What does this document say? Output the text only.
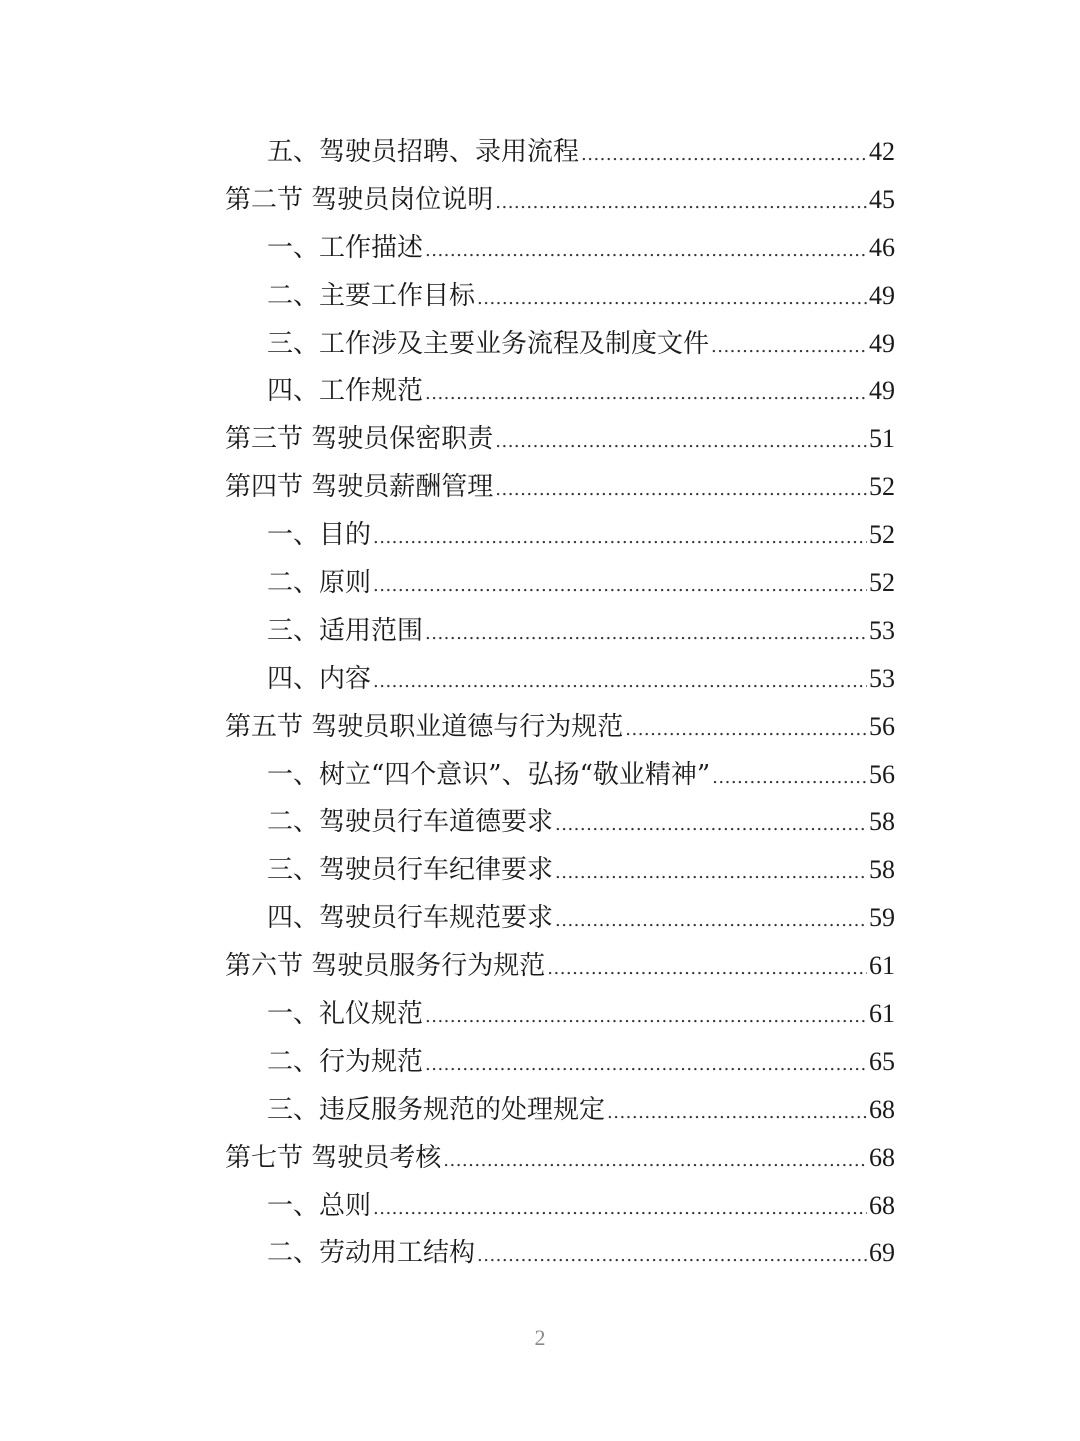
五、驾驶员招聘、录用流程 .....	42
第二节 驾驶员岗位说明 .....	45
一、工作描述 .....	46
二、主要工作目标 .....	49
三、工作涉及主要业务流程及制度文件 .....	49
四、工作规范 .....	49
第三节 驾驶员保密职责 .....	51
第四节 驾驶员薪酬管理 .....	52
一、目的 .....	52
二、原则 .....	52
三、适用范围 .....	53
四、内容 .....	53
第五节 驾驶员职业道德与行为规范 .....	56
一、树立“四个意识”、弘扬“敬业精神” .....	56
二、驾驶员行车道德要求 .....	58
三、驾驶员行车纪律要求 .....	58
四、驾驶员行车规范要求 .....	59
第六节 驾驶员服务行为规范 .....	61
一、礼仪规范 .....	61
二、行为规范 .....	65
三、违反服务规范的处理规定 .....	68
第七节 驾驶员考核 .....	68
一、总则 .....	68
二、劳动用工结构 .....	69
2
